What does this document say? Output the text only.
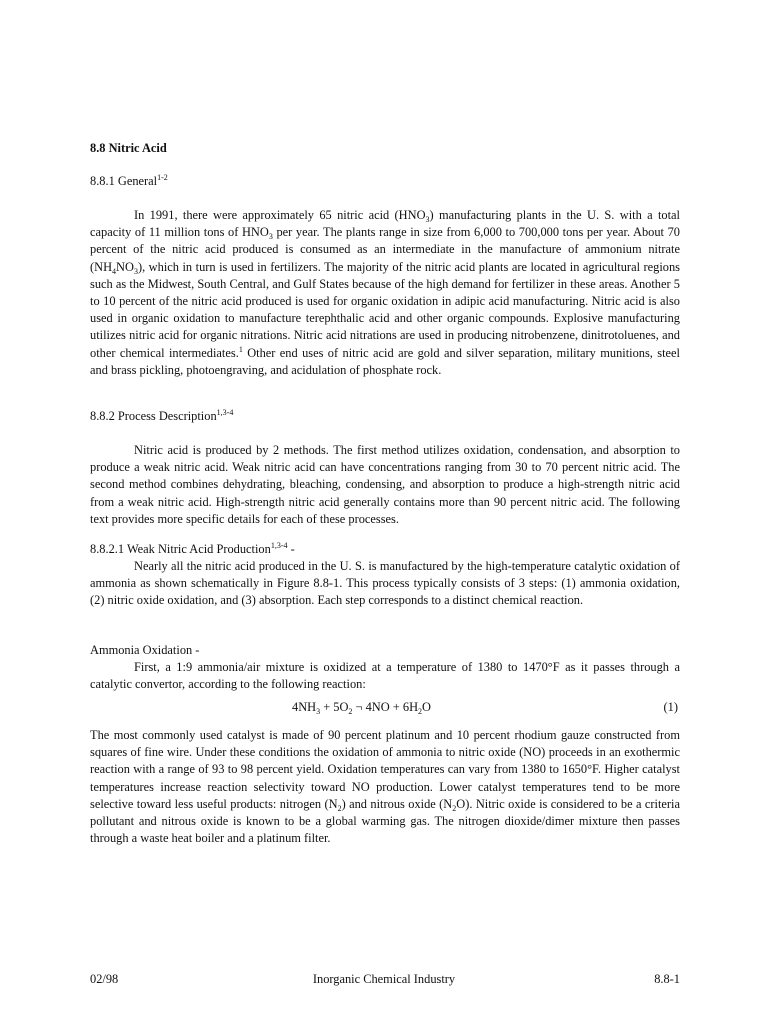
8.8 Nitric Acid
8.8.1 General$^{1-2}$
In 1991, there were approximately 65 nitric acid $(HNO_3)$ manufacturing plants in the U. S. with a total capacity of 11 million tons of $HNO_3$ per year. The plants range in size from 6,000 to 700,000 tons per year. About 70 percent of the nitric acid produced is consumed as an intermediate in the manufacture of ammonium nitrate $(NH_4NO_3)$, which in turn is used in fertilizers. The majority of the nitric acid plants are located in agricultural regions such as the Midwest, South Central, and Gulf States because of the high demand for fertilizer in these areas. Another 5 to 10 percent of the nitric acid produced is used for organic oxidation in adipic acid manufacturing. Nitric acid is also used in organic oxidation to manufacture terephthalic acid and other organic compounds. Explosive manufacturing utilizes nitric acid for organic nitrations. Nitric acid nitrations are used in producing nitrobenzene, dinitrotoluenes, and other chemical intermediates.$^1$ Other end uses of nitric acid are gold and silver separation, military munitions, steel and brass pickling, photoengraving, and acidulation of phosphate rock.
8.8.2 Process Description$^{1,3-4}$
Nitric acid is produced by 2 methods. The first method utilizes oxidation, condensation, and absorption to produce a weak nitric acid. Weak nitric acid can have concentrations ranging from 30 to 70 percent nitric acid. The second method combines dehydrating, bleaching, condensing, and absorption to produce a high-strength nitric acid from a weak nitric acid. High-strength nitric acid generally contains more than 90 percent nitric acid. The following text provides more specific details for each of these processes.
8.8.2.1 Weak Nitric Acid Production$^{1,3-4}$ -
Nearly all the nitric acid produced in the U. S. is manufactured by the high-temperature catalytic oxidation of ammonia as shown schematically in Figure 8.8-1. This process typically consists of 3 steps: (1) ammonia oxidation, (2) nitric oxide oxidation, and (3) absorption. Each step corresponds to a distinct chemical reaction.
Ammonia Oxidation -
First, a 1:9 ammonia/air mixture is oxidized at a temperature of 1380 to 1470°F as it passes through a catalytic convertor, according to the following reaction:
$4NH_3 + 5O_2$ ¬ $4NO + 6H_2O$	(1)
The most commonly used catalyst is made of 90 percent platinum and 10 percent rhodium gauze constructed from squares of fine wire. Under these conditions the oxidation of ammonia to nitric oxide (NO) proceeds in an exothermic reaction with a range of 93 to 98 percent yield. Oxidation temperatures can vary from 1380 to 1650°F. Higher catalyst temperatures increase reaction selectivity toward NO production. Lower catalyst temperatures tend to be more selective toward less useful products: nitrogen $(N_2)$ and nitrous oxide $(N_2O)$. Nitric oxide is considered to be a criteria pollutant and nitrous oxide is known to be a global warming gas. The nitrogen dioxide/dimer mixture then passes through a waste heat boiler and a platinum filter.
02/98	Inorganic Chemical Industry	8.8-1
